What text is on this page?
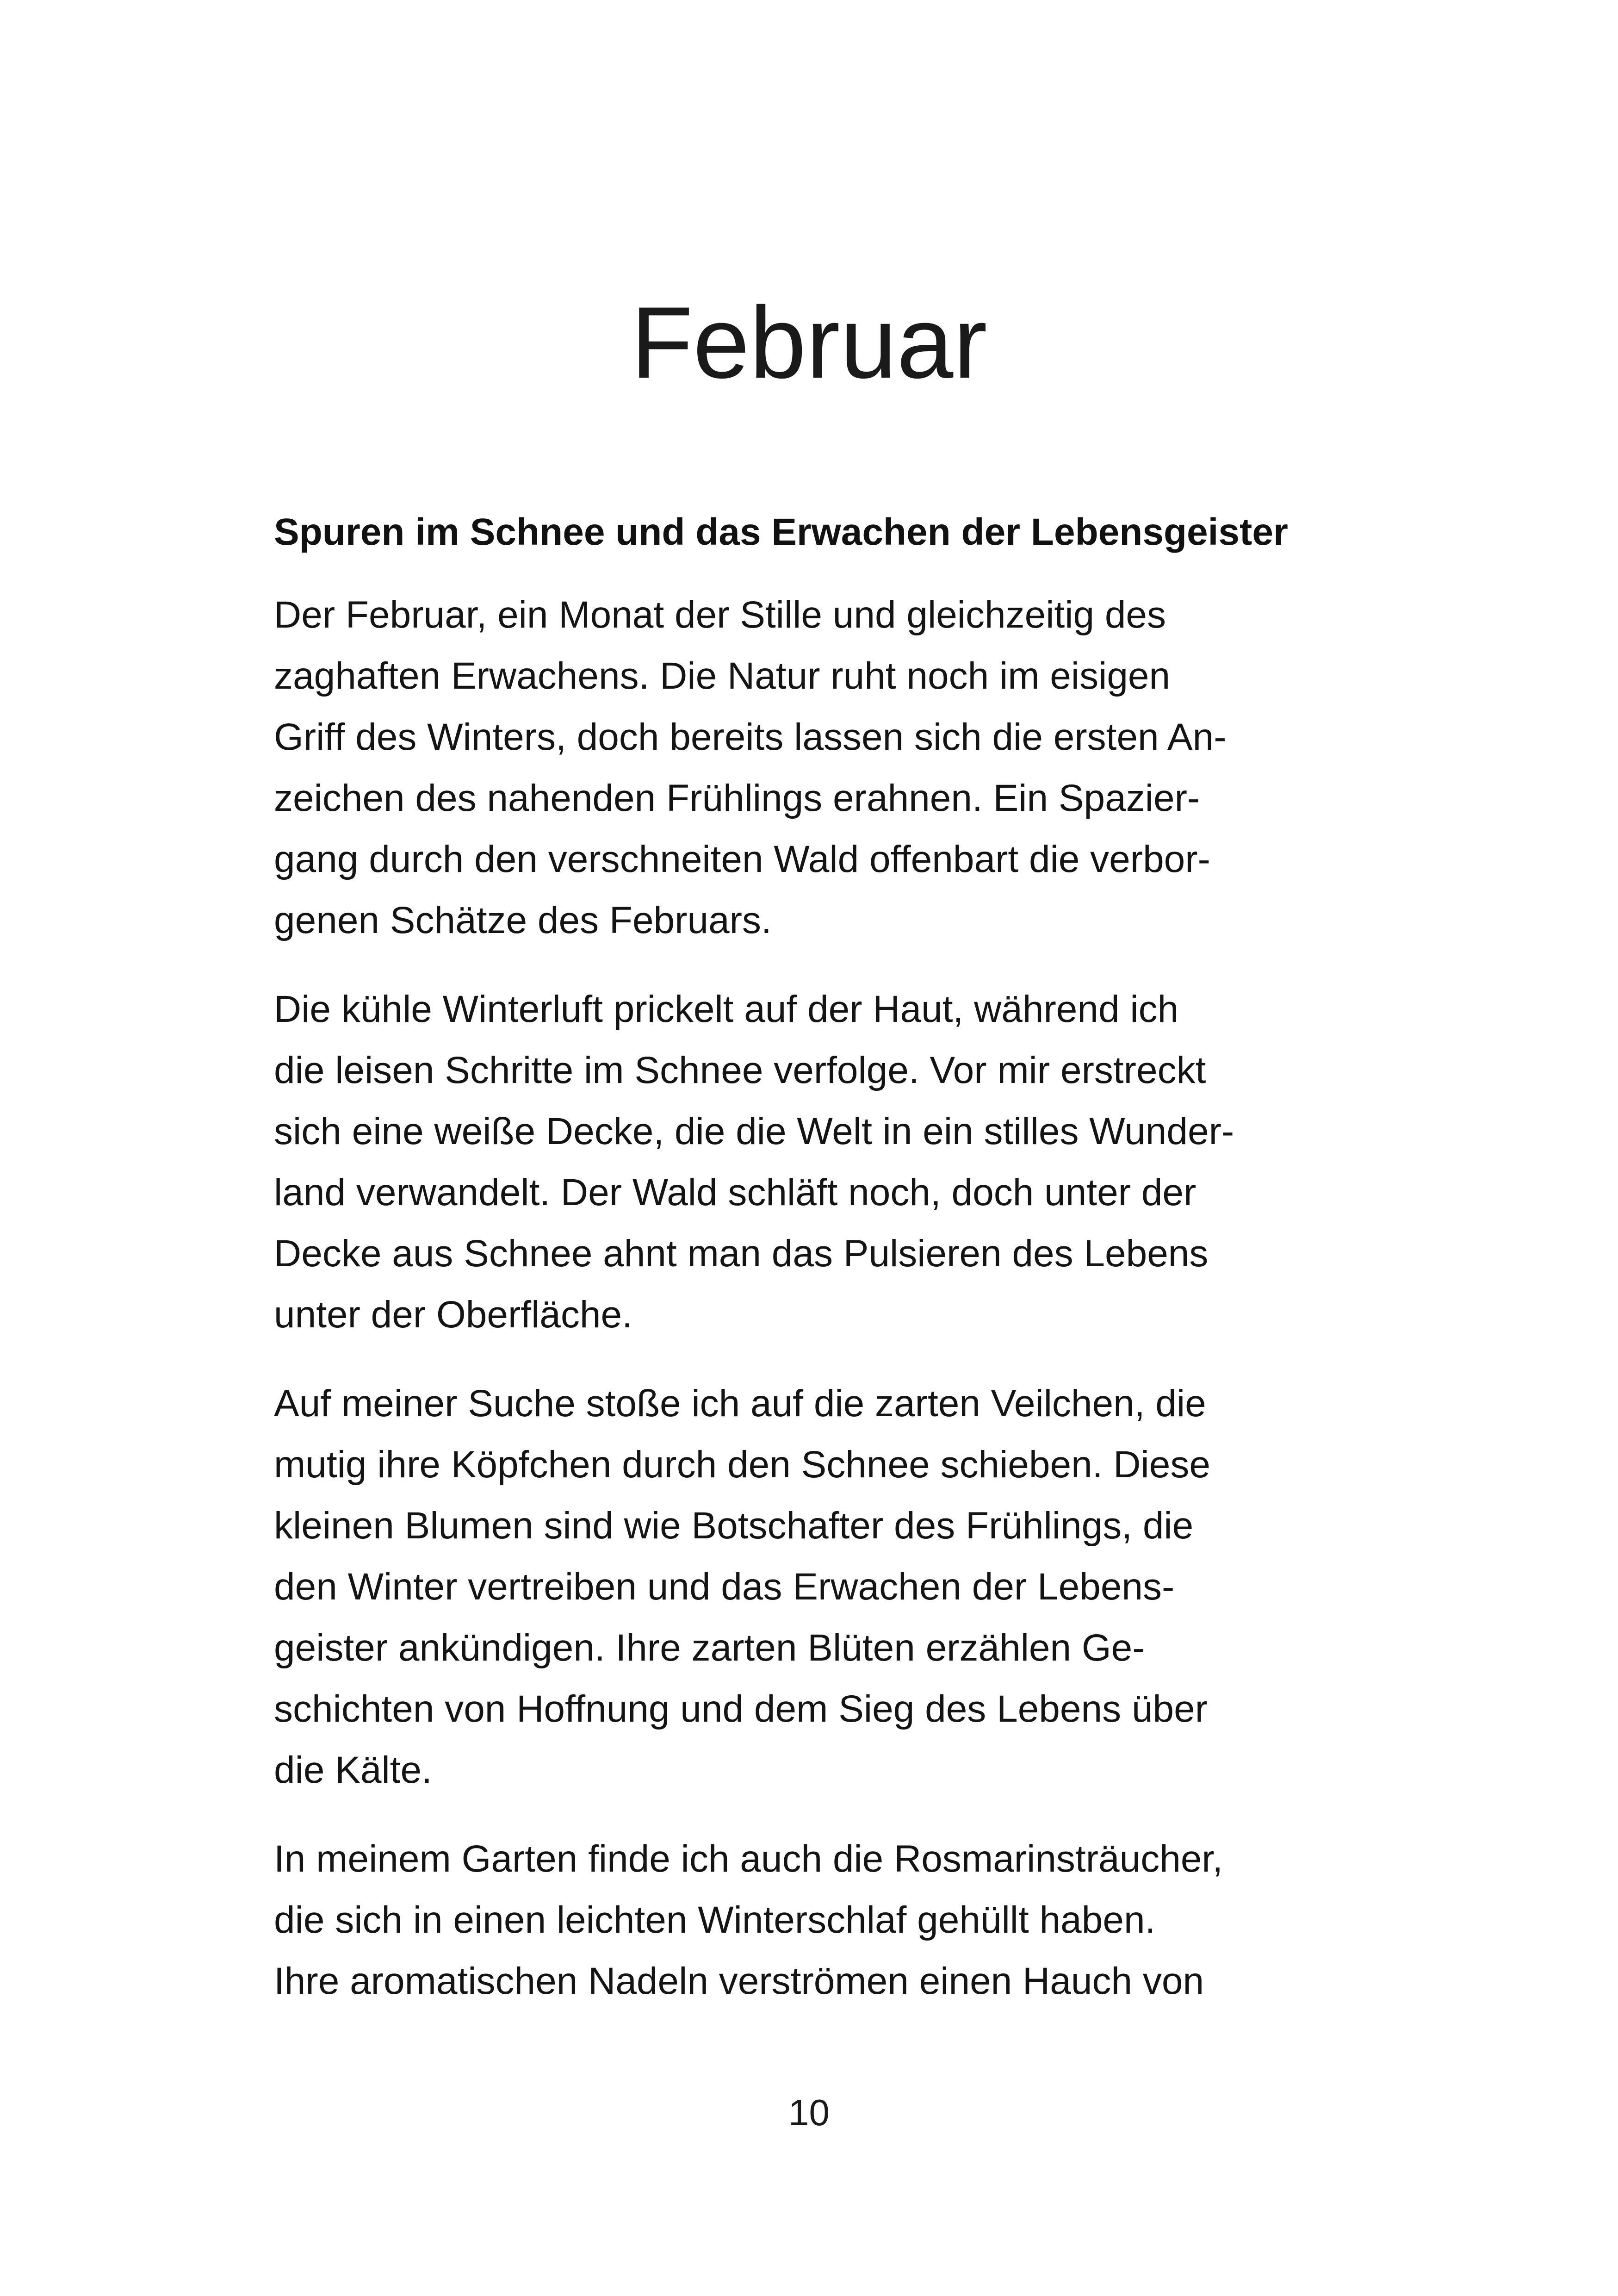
Februar
Spuren im Schnee und das Erwachen der Lebensgeister
Der Februar, ein Monat der Stille und gleichzeitig des
zaghaften Erwachens. Die Natur ruht noch im eisigen
Griff des Winters, doch bereits lassen sich die ersten An-
zeichen des nahenden Frühlings erahnen. Ein Spazier-
gang durch den verschneiten Wald offenbart die verbor-
genen Schätze des Februars.
Die kühle Winterluft prickelt auf der Haut, während ich
die leisen Schritte im Schnee verfolge. Vor mir erstreckt
sich eine weiße Decke, die die Welt in ein stilles Wunder-
land verwandelt. Der Wald schläft noch, doch unter der
Decke aus Schnee ahnt man das Pulsieren des Lebens
unter der Oberfläche.
Auf meiner Suche stoße ich auf die zarten Veilchen, die
mutig ihre Köpfchen durch den Schnee schieben. Diese
kleinen Blumen sind wie Botschafter des Frühlings, die
den Winter vertreiben und das Erwachen der Lebens-
geister ankündigen. Ihre zarten Blüten erzählen Ge-
schichten von Hoffnung und dem Sieg des Lebens über
die Kälte.
In meinem Garten finde ich auch die Rosmarinsträucher,
die sich in einen leichten Winterschlaf gehüllt haben.
Ihre aromatischen Nadeln verströmen einen Hauch von
10
